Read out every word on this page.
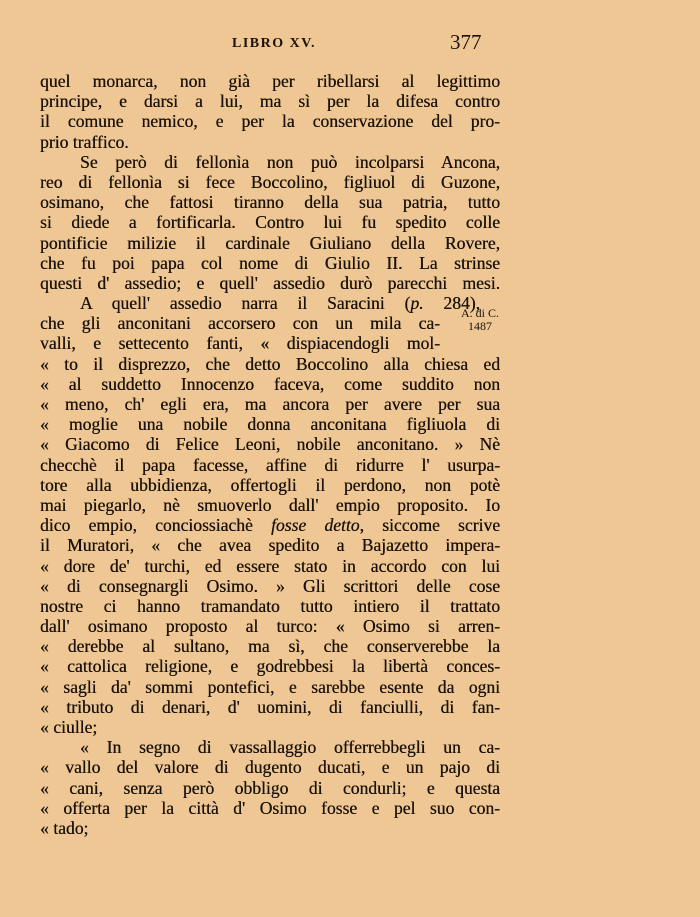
LIBRO XV.	377
A. di C.
1487
quel monarca, non già per ribellarsi al legittimo
principe, e darsi a lui, ma sì per la difesa contro
il comune nemico, e per la conservazione del pro-
prio traffico.
Se però di fellonìa non può incolparsi Ancona,
reo di fellonìa si fece Boccolino, figliuol di Guzone,
osimano, che fattosi tiranno della sua patria, tutto
si diede a fortificarla. Contro lui fu spedito colle
pontificie milizie il cardinale Giuliano della Rovere,
che fu poi papa col nome di Giulio II. La strinse
questi d' assedio; e quell' assedio durò parecchi mesi.
A quell' assedio narra il Saracini (p. 284),
che gli anconitani accorsero con un mila ca-
valli, e settecento fanti, « dispiacendogli mol-
« to il disprezzo, che detto Boccolino alla chiesa ed
« al suddetto Innocenzo faceva, come suddito non
« meno, ch' egli era, ma ancora per avere per sua
« moglie una nobile donna anconitana figliuola di
« Giacomo di Felice Leoni, nobile anconitano. » Nè
checchè il papa facesse, affine di ridurre l' usurpa-
tore alla ubbidienza, offertogli il perdono, non potè
mai piegarlo, nè smuoverlo dall' empio proposito. Io
dico empio, conciossiachè fosse detto, siccome scrive
il Muratori, « che avea spedito a Bajazetto impera-
« dore de' turchi, ed essere stato in accordo con lui
« di consegnargli Osimo. » Gli scrittori delle cose
nostre ci hanno tramandato tutto intiero il trattato
dall' osimano proposto al turco: « Osimo si arren-
« derebbe al sultano, ma sì, che conserverebbe la
« cattolica religione, e godrebbesi la libertà conces-
« sagli da' sommi pontefici, e sarebbe esente da ogni
« tributo di denari, d' uomini, di fanciulli, di fan-
« ciulle;
« In segno di vassallaggio offerrebbegli un ca-
« vallo del valore di dugento ducati, e un pajo di
« cani, senza però obbligo di condurli; e questa
« offerta per la città d' Osimo fosse e pel suo con-
« tado;
